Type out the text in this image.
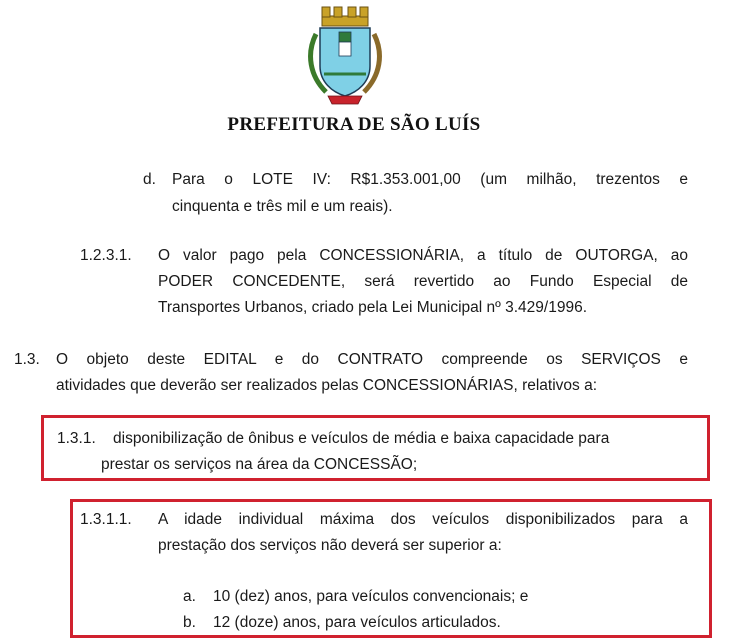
PREFEITURA DE SÃO LUÍS
d. Para o LOTE IV: R$1.353.001,00 (um milhão, trezentos e
cinquenta e três mil e um reais).
1.2.3.1. O valor pago pela CONCESSIONÁRIA, a título de OUTORGA, ao
PODER CONCEDENTE, será revertido ao Fundo Especial de
Transportes Urbanos, criado pela Lei Municipal nº 3.429/1996.
1.3. O objeto deste EDITAL e do CONTRATO compreende os SERVIÇOS e
atividades que deverão ser realizados pelas CONCESSIONÁRIAS, relativos a:
1.3.1. disponibilização de ônibus e veículos de média e baixa capacidade para
prestar os serviços na área da CONCESSÃO;
1.3.1.1. A idade individual máxima dos veículos disponibilizados para a
prestação dos serviços não deverá ser superior a:
a. 10 (dez) anos, para veículos convencionais; e
b. 12 (doze) anos, para veículos articulados.
